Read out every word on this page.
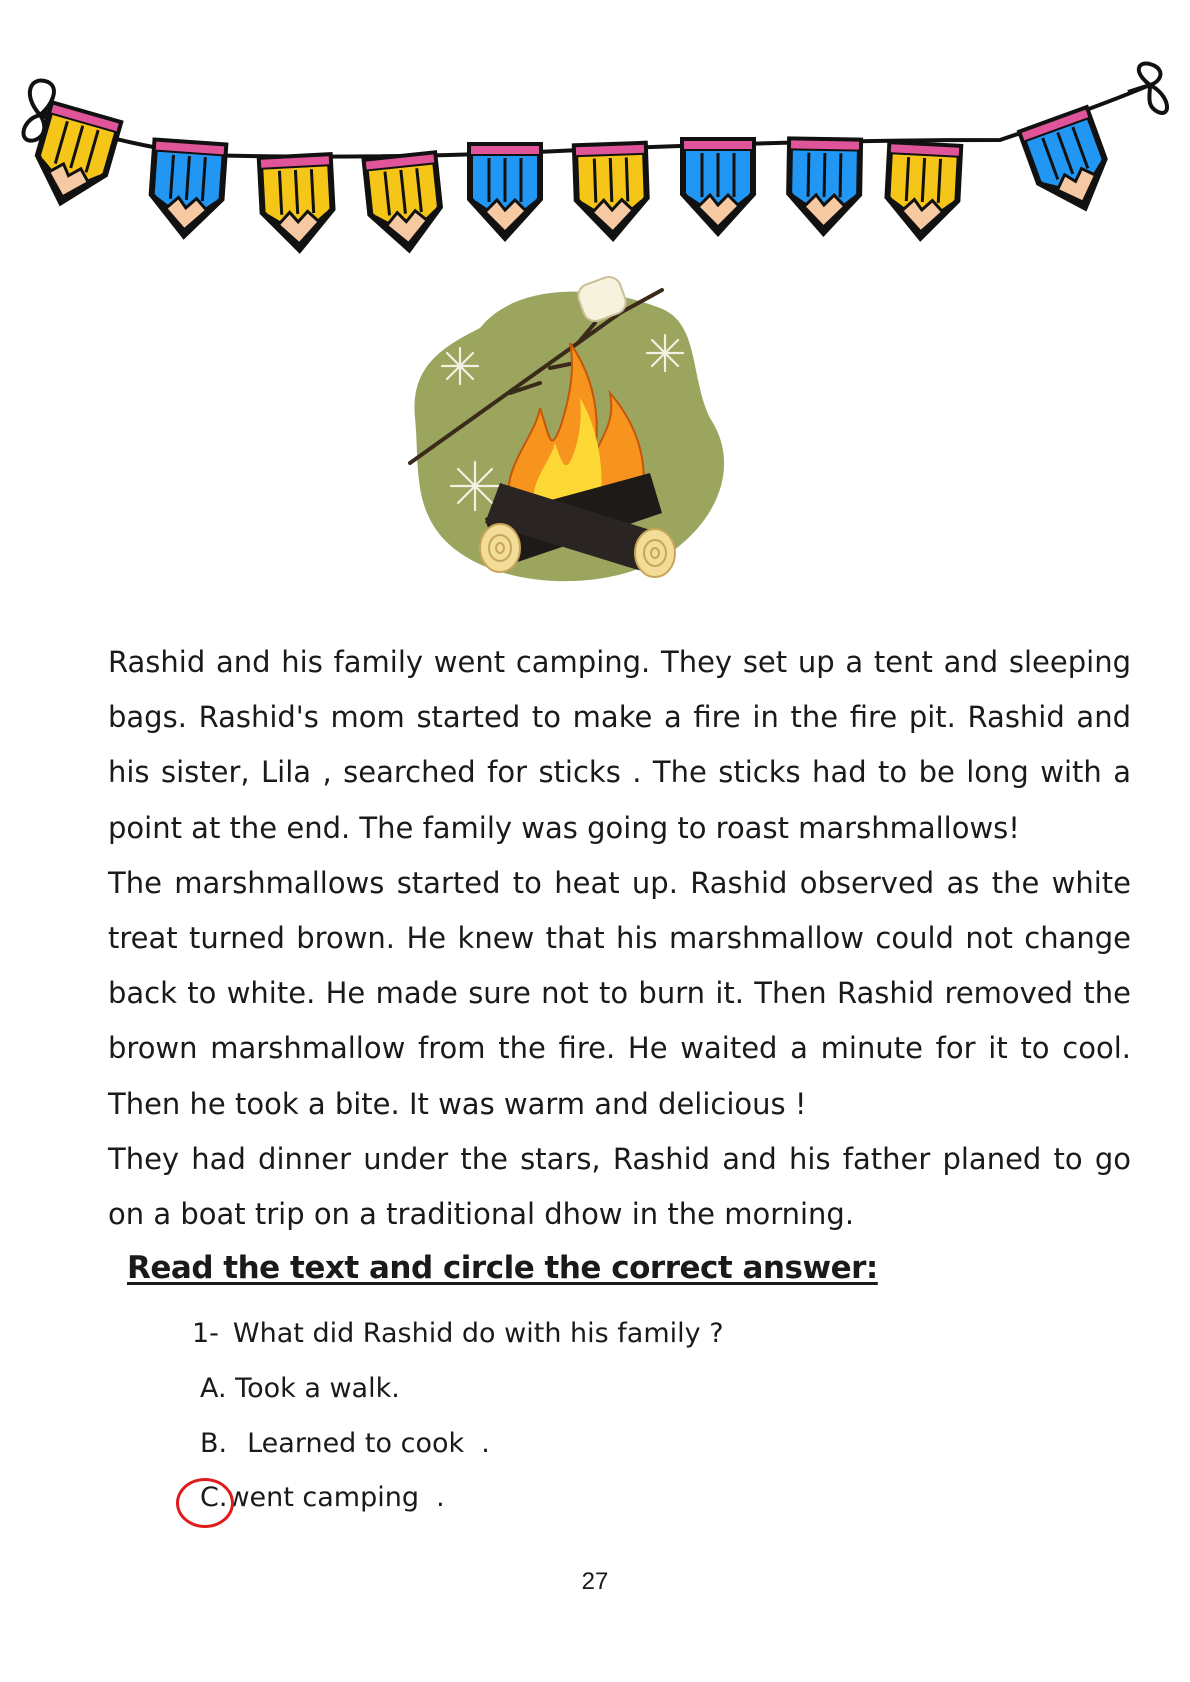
Rashid and his family went camping. They set up a tent and sleeping bags. Rashid's mom started to make a fire in the fire pit. Rashid and his sister, Lila , searched for sticks . The sticks had to be long with a point at the end. The family was going to roast marshmallows!

The marshmallows started to heat up. Rashid observed as the white treat turned brown. He knew that his marshmallow could not change back to white. He made sure not to burn it. Then Rashid removed the brown marshmallow from the fire. He waited a minute for it to cool. Then he took a bite. It was warm and delicious !

They had dinner under the stars, Rashid and his father planed to go on a boat trip on a traditional dhow in the morning.

Read the text and circle the correct answer:

1- What did Rashid do with his family ?

A. Took a walk.

B. Learned to cook  .

C.went camping  .

27
